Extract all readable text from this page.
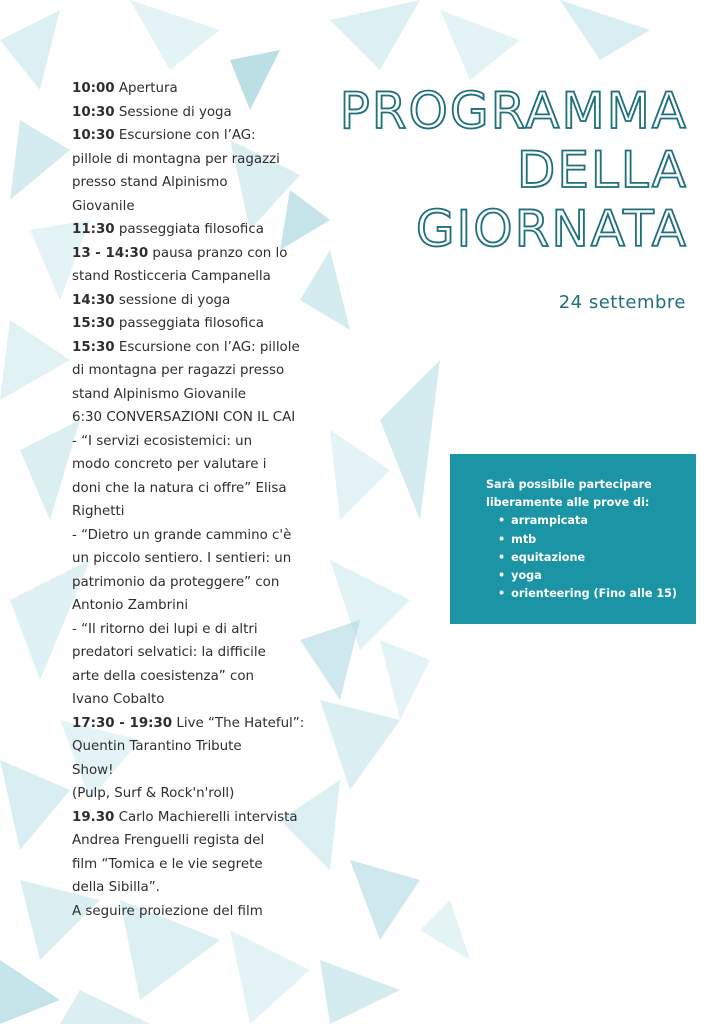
10:00 Apertura
10:30 Sessione di yoga
10:30 Escursione con l’AG:
pillole di montagna per ragazzi
presso stand Alpinismo
Giovanile
11:30 passeggiata filosofica
13 - 14:30 pausa pranzo con lo
stand Rosticceria Campanella
14:30 sessione di yoga
15:30 passeggiata filosofica
15:30 Escursione con l’AG: pillole
di montagna per ragazzi presso
stand Alpinismo Giovanile
6:30 CONVERSAZIONI CON IL CAI
- “I servizi ecosistemici: un
modo concreto per valutare i
doni che la natura ci offre” Elisa
Righetti
- “Dietro un grande cammino c'è
un piccolo sentiero. I sentieri: un
patrimonio da proteggere” con
Antonio Zambrini
- “Il ritorno dei lupi e di altri
predatori selvatici: la difficile
arte della coesistenza” con
Ivano Cobalto
17:30 - 19:30 Live “The Hateful”:
Quentin Tarantino Tribute
Show!
(Pulp, Surf & Rock'n'roll)
19.30 Carlo Machierelli intervista
Andrea Frenguelli regista del
film “Tomica e le vie segrete
della Sibilla”.
A seguire proiezione del film
PROGRAMMA
DELLA
GIORNATA

24 settembre

Sarà possibile partecipare

liberamente alle prove di:

• arrampicata
• mtb
• equitazione
• yoga
• orienteering (Fino alle 15)
